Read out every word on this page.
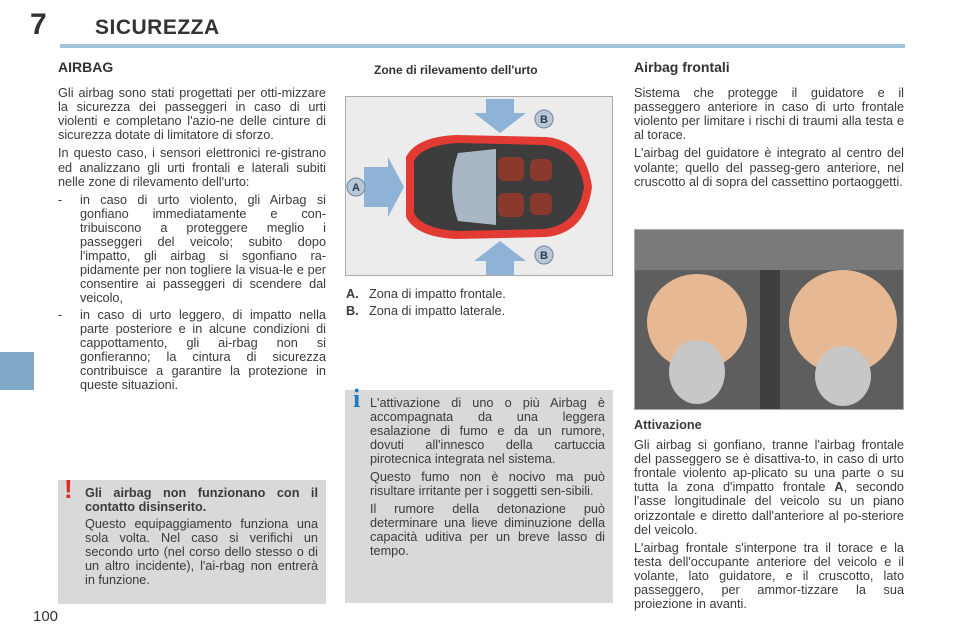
7 SICUREZZA
100
AIRBAG

Gli airbag sono stati progettati per otti-mizzare la sicurezza dei passeggeri in caso di urti violenti e completano l'azio-ne delle cinture di sicurezza dotate di limitatore di sforzo.

In questo caso, i sensori elettronici re-gistrano ed analizzano gli urti frontali e laterali subiti nelle zone di rilevamento dell'urto:

-	in caso di urto violento, gli Airbag si gonfiano immediatamente e con-tribuiscono a proteggere meglio i passeggeri del veicolo; subito dopo l'impatto, gli airbag si sgonfiano ra-pidamente per non togliere la visua-le e per consentire ai passeggeri di scendere dal veicolo,
-	in caso di urto leggero, di impatto nella parte posteriore e in alcune condizioni di cappottamento, gli ai-rbag non si gonfieranno; la cintura di sicurezza contribuisce a garantire la protezione in queste situazioni.
! Gli airbag non funzionano con il contatto disinserito.

Questo equipaggiamento funziona una sola volta. Nel caso si verifichi un secondo urto (nel corso dello stesso o di un altro incidente), l'ai-rbag non entrerà in funzione.

Zone di rilevamento dell'urto
A
B
B
A. Zona di impatto frontale.
B. Zona di impatto laterale.
i L'attivazione di uno o più Airbag è accompagnata da una leggera esalazione di fumo e da un rumore, dovuti all'innesco della cartuccia pirotecnica integrata nel sistema.

Questo fumo non è nocivo ma può risultare irritante per i soggetti sen-sibili.

Il rumore della detonazione può determinare una lieve diminuzione della capacità uditiva per un breve lasso di tempo.

Airbag frontali

Sistema che protegge il guidatore e il passeggero anteriore in caso di urto frontale violento per limitare i rischi di traumi alla testa e al torace.

L'airbag del guidatore è integrato al centro del volante; quello del passeg-gero anteriore, nel cruscotto al di sopra del cassettino portaoggetti.

Attivazione

Gli airbag si gonfiano, tranne l'airbag frontale del passeggero se è disattiva-to, in caso di urto frontale violento ap-plicato su una parte o su tutta la zona d'impatto frontale A, secondo l'asse longitudinale del veicolo su un piano orizzontale e diretto dall'anteriore al po-steriore del veicolo.

L'airbag frontale s'interpone tra il torace e la testa dell'occupante anteriore del veicolo e il volante, lato guidatore, e il cruscotto, lato passeggero, per ammor-tizzare la sua proiezione in avanti.
